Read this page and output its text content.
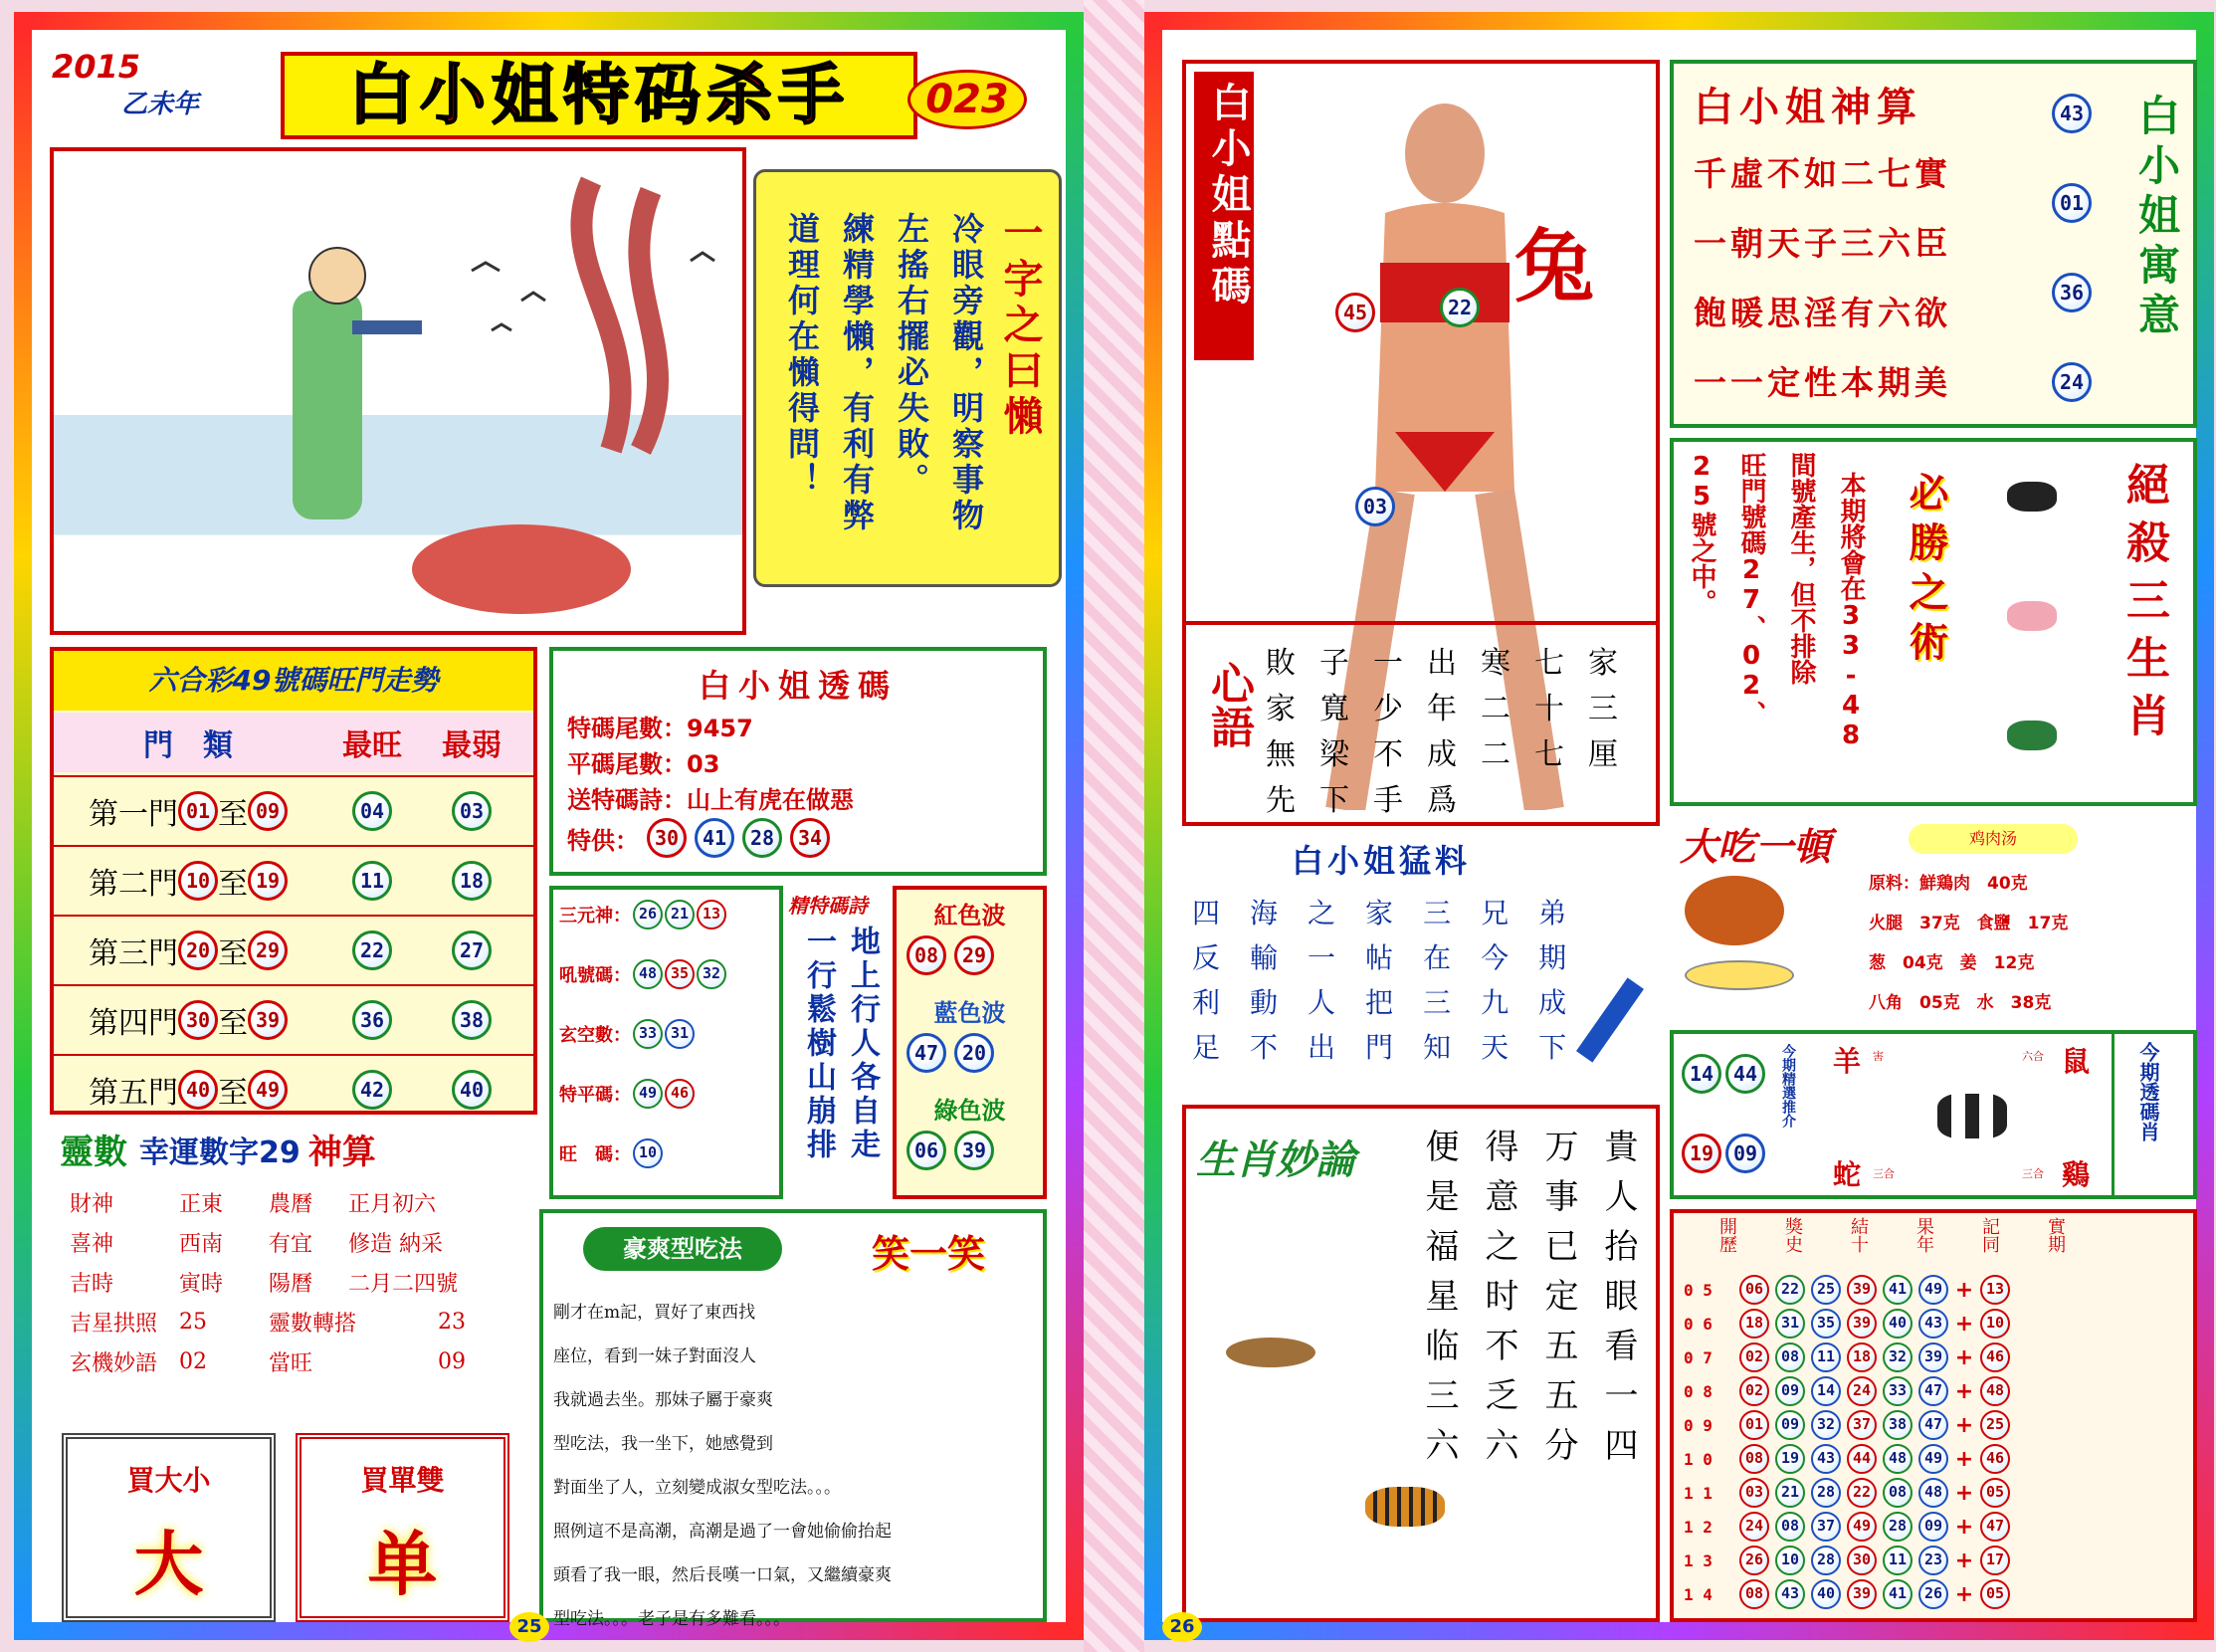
2015
乙未年	白小姐特码杀手	023
一字之曰懶
冷眼旁觀，明察事物
左搖右擺必失敗。
練精學懶，有利有弊
道理何在懶得問！
六合彩49號碼旺門走勢
門　類	最旺	最弱
第一門 01 至 09	04	03
第二門 10 至 19	11	18
第三門 20 至 29	22	27
第四門 30 至 39	36	38
第五門 40 至 49	42	40
白小姐透碼
特碼尾數：9457
平碼尾數：03
送特碼詩：山上有虎在做惡
特供： 30	41	28	34
三元神： 26 21 13
吼號碼： 48 35 32
玄空數： 33 31
特平碼： 49 46
旺　碼： 10
精特碼詩
地上行人各自走
一行鬆樹山崩排
紅色波
08	29
藍色波
47	20
綠色波
06	39
靈數 幸運數字29 神算
財神	正東	農曆	正月初六
喜神	西南	有宜	修造 納采
吉時	寅時	陽曆	二月二四號
吉星拱照 25	靈數轉搭	23
玄機妙語 02	當旺	09
買大小
大
買單雙
单
豪爽型吃法	笑一笑
剛才在m記，買好了東西找
座位，看到一妹子對面沒人
我就過去坐。那妹子屬于豪爽
型吃法，我一坐下，她感覺到
對面坐了人，立刻變成淑女型吃法。。。
照例這不是高潮，高潮是過了一會她偷偷抬起
頭看了我一眼，然后長嘆一口氣，又繼續豪爽
型吃法。。。老子是有多難看。。。
25
白小姐點碼	兔
45	22
03
心語 敗子一出寒七家
家寬少年二十三
無梁不成二七厘
先下手爲
白小姐神算
千虛不如二七實
一朝天子三六臣
飽暖思淫有六欲
一一定性本期美
43
01
36
24
白小姐寓意
本期將會在33-48
間號產生，但不排除
旺門號碼27、02、
25號之中。	必勝之術	絕殺三生肖
大吃一頓	鸡肉汤
原料：鮮鶏肉　40克
火腿　37克　食鹽　17克
葱　04克　姜　12克
八角　05克　水　38克
14 44
19 09
今期精選推介 羊	鼠
蛇	鷄
害	六合
三合	三合
今期透碼肖
白小姐猛料
四 海 之 家 三 兄 弟
反 輸 一 帖 在 今 期
利 動 人 把 三 九 成
足 不 出 門 知 天 下
生肖妙論	貴人抬眼看一四
万事已定五五分
得意之时不乏六
便是福星临三六	開歷	獎史	結十	果年	記同	實期
0 5	06	22	25	39	41	49 + 13
0 6	18	31	35	39	40	43 + 10
0 7	02	08	11	18	32	39 + 46
0 8	02	09	14	24	33	47 + 48
0 9	01	09	32	37	38	47 + 25
1 0	08	19	43	44	48	49 + 46
1 1	03	21	28	22	08	48 + 05
1 2	24	08	37	49	28	09 + 47
1 3	26	10	28	30	11	23 + 17
1 4	08	43	40	39	41	26 + 05
26
